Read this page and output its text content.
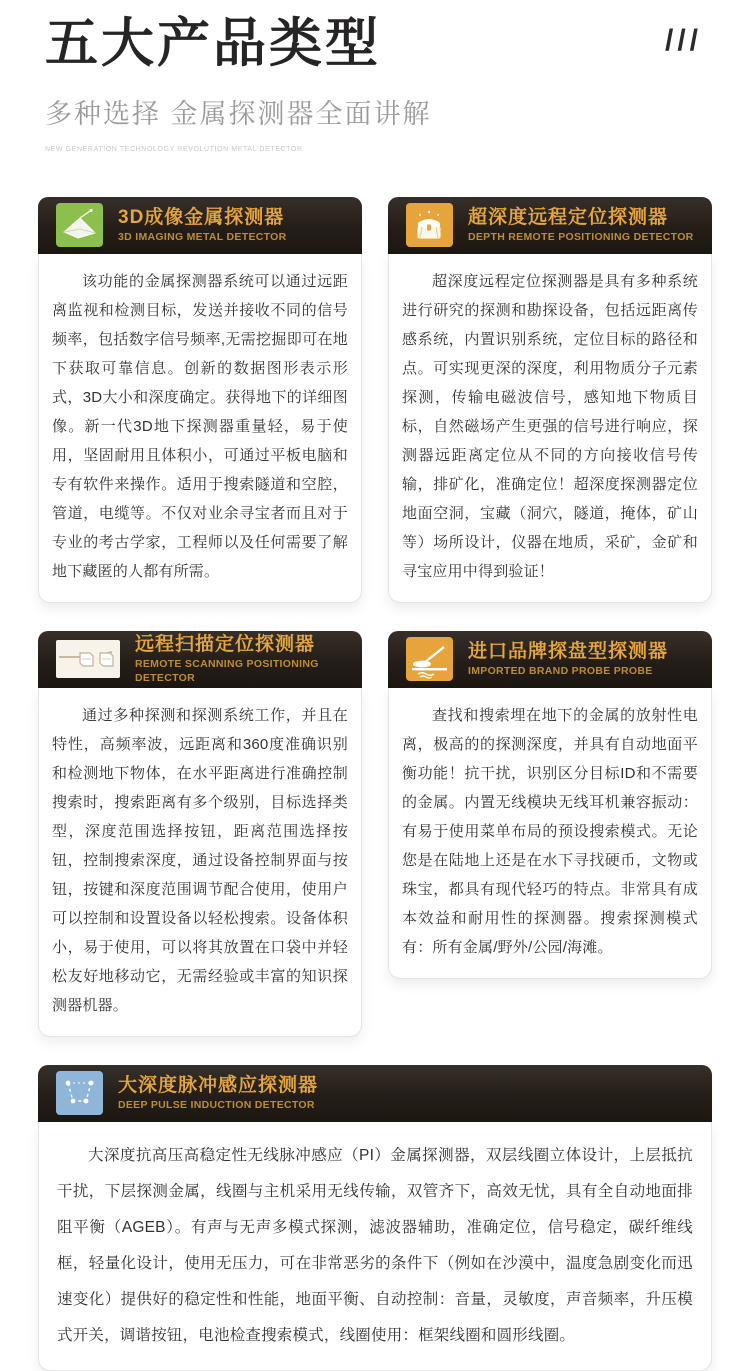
五大产品类型	///
多种选择 金属探测器全面讲解
NEW GENERATION TECHNOLOGY REVOLUTION METAL DETECTOR
3D成像金属探测器
3D IMAGING METAL DETECTOR
该功能的金属探测器系统可以通过远距离监视和检测目标，发送并接收不同的信号频率，包括数字信号频率,无需挖掘即可在地下获取可靠信息。创新的数据图形表示形式，3D大小和深度确定。获得地下的详细图像。新一代3D地下探测器重量轻，易于使用，坚固耐用且体积小，可通过平板电脑和专有软件来操作。适用于搜索隧道和空腔，管道，电缆等。不仅对业余寻宝者而且对于专业的考古学家，工程师以及任何需要了解地下藏匿的人都有所需。
超深度远程定位探测器
DEPTH REMOTE POSITIONING DETECTOR
超深度远程定位探测器是具有多种系统进行研究的探测和勘探设备，包括远距离传感系统，内置识别系统，定位目标的路径和点。可实现更深的深度，利用物质分子元素探测，传输电磁波信号，感知地下物质目标，自然磁场产生更强的信号进行响应，探测器远距离定位从不同的方向接收信号传输，排矿化，准确定位！超深度探测器定位地面空洞，宝藏（洞穴，隧道，掩体，矿山等）场所设计，仪器在地质，采矿，金矿和寻宝应用中得到验证！
远程扫描定位探测器
REMOTE SCANNING POSITIONING DETECTOR
通过多种探测和探测系统工作，并且在特性，高频率波，远距离和360度准确识别和检测地下物体，在水平距离进行准确控制搜索时，搜索距离有多个级别，目标选择类型，深度范围选择按钮，距离范围选择按钮，控制搜索深度，通过设备控制界面与按钮，按键和深度范围调节配合使用，使用户可以控制和设置设备以轻松搜索。设备体积小，易于使用，可以将其放置在口袋中并轻松友好地移动它，无需经验或丰富的知识探测器机器。
进口品牌探盘型探测器
IMPORTED BRAND PROBE PROBE
查找和搜索埋在地下的金属的放射性电离，极高的的探测深度，并具有自动地面平衡功能！抗干扰，识别区分目标ID和不需要的金属。内置无线模块无线耳机兼容振动：有易于使用菜单布局的预设搜索模式。无论您是在陆地上还是在水下寻找硬币，文物或珠宝，都具有现代轻巧的特点。非常具有成本效益和耐用性的探测器。搜索探测模式有：所有金属/野外/公园/海滩。
大深度脉冲感应探测器
DEEP PULSE INDUCTION DETECTOR
大深度抗高压高稳定性无线脉冲感应（PI）金属探测器，双层线圈立体设计，上层抵抗干扰，下层探测金属，线圈与主机采用无线传输，双管齐下，高效无忧，具有全自动地面排阻平衡（AGEB）。有声与无声多模式探测，滤波器辅助，准确定位，信号稳定，碳纤维线框，轻量化设计，使用无压力，可在非常恶劣的条件下（例如在沙漠中，温度急剧变化而迅速变化）提供好的稳定性和性能，地面平衡、自动控制：音量，灵敏度，声音频率，升压模式开关，调谐按钮，电池检查搜索模式，线圈使用：框架线圈和圆形线圈。
